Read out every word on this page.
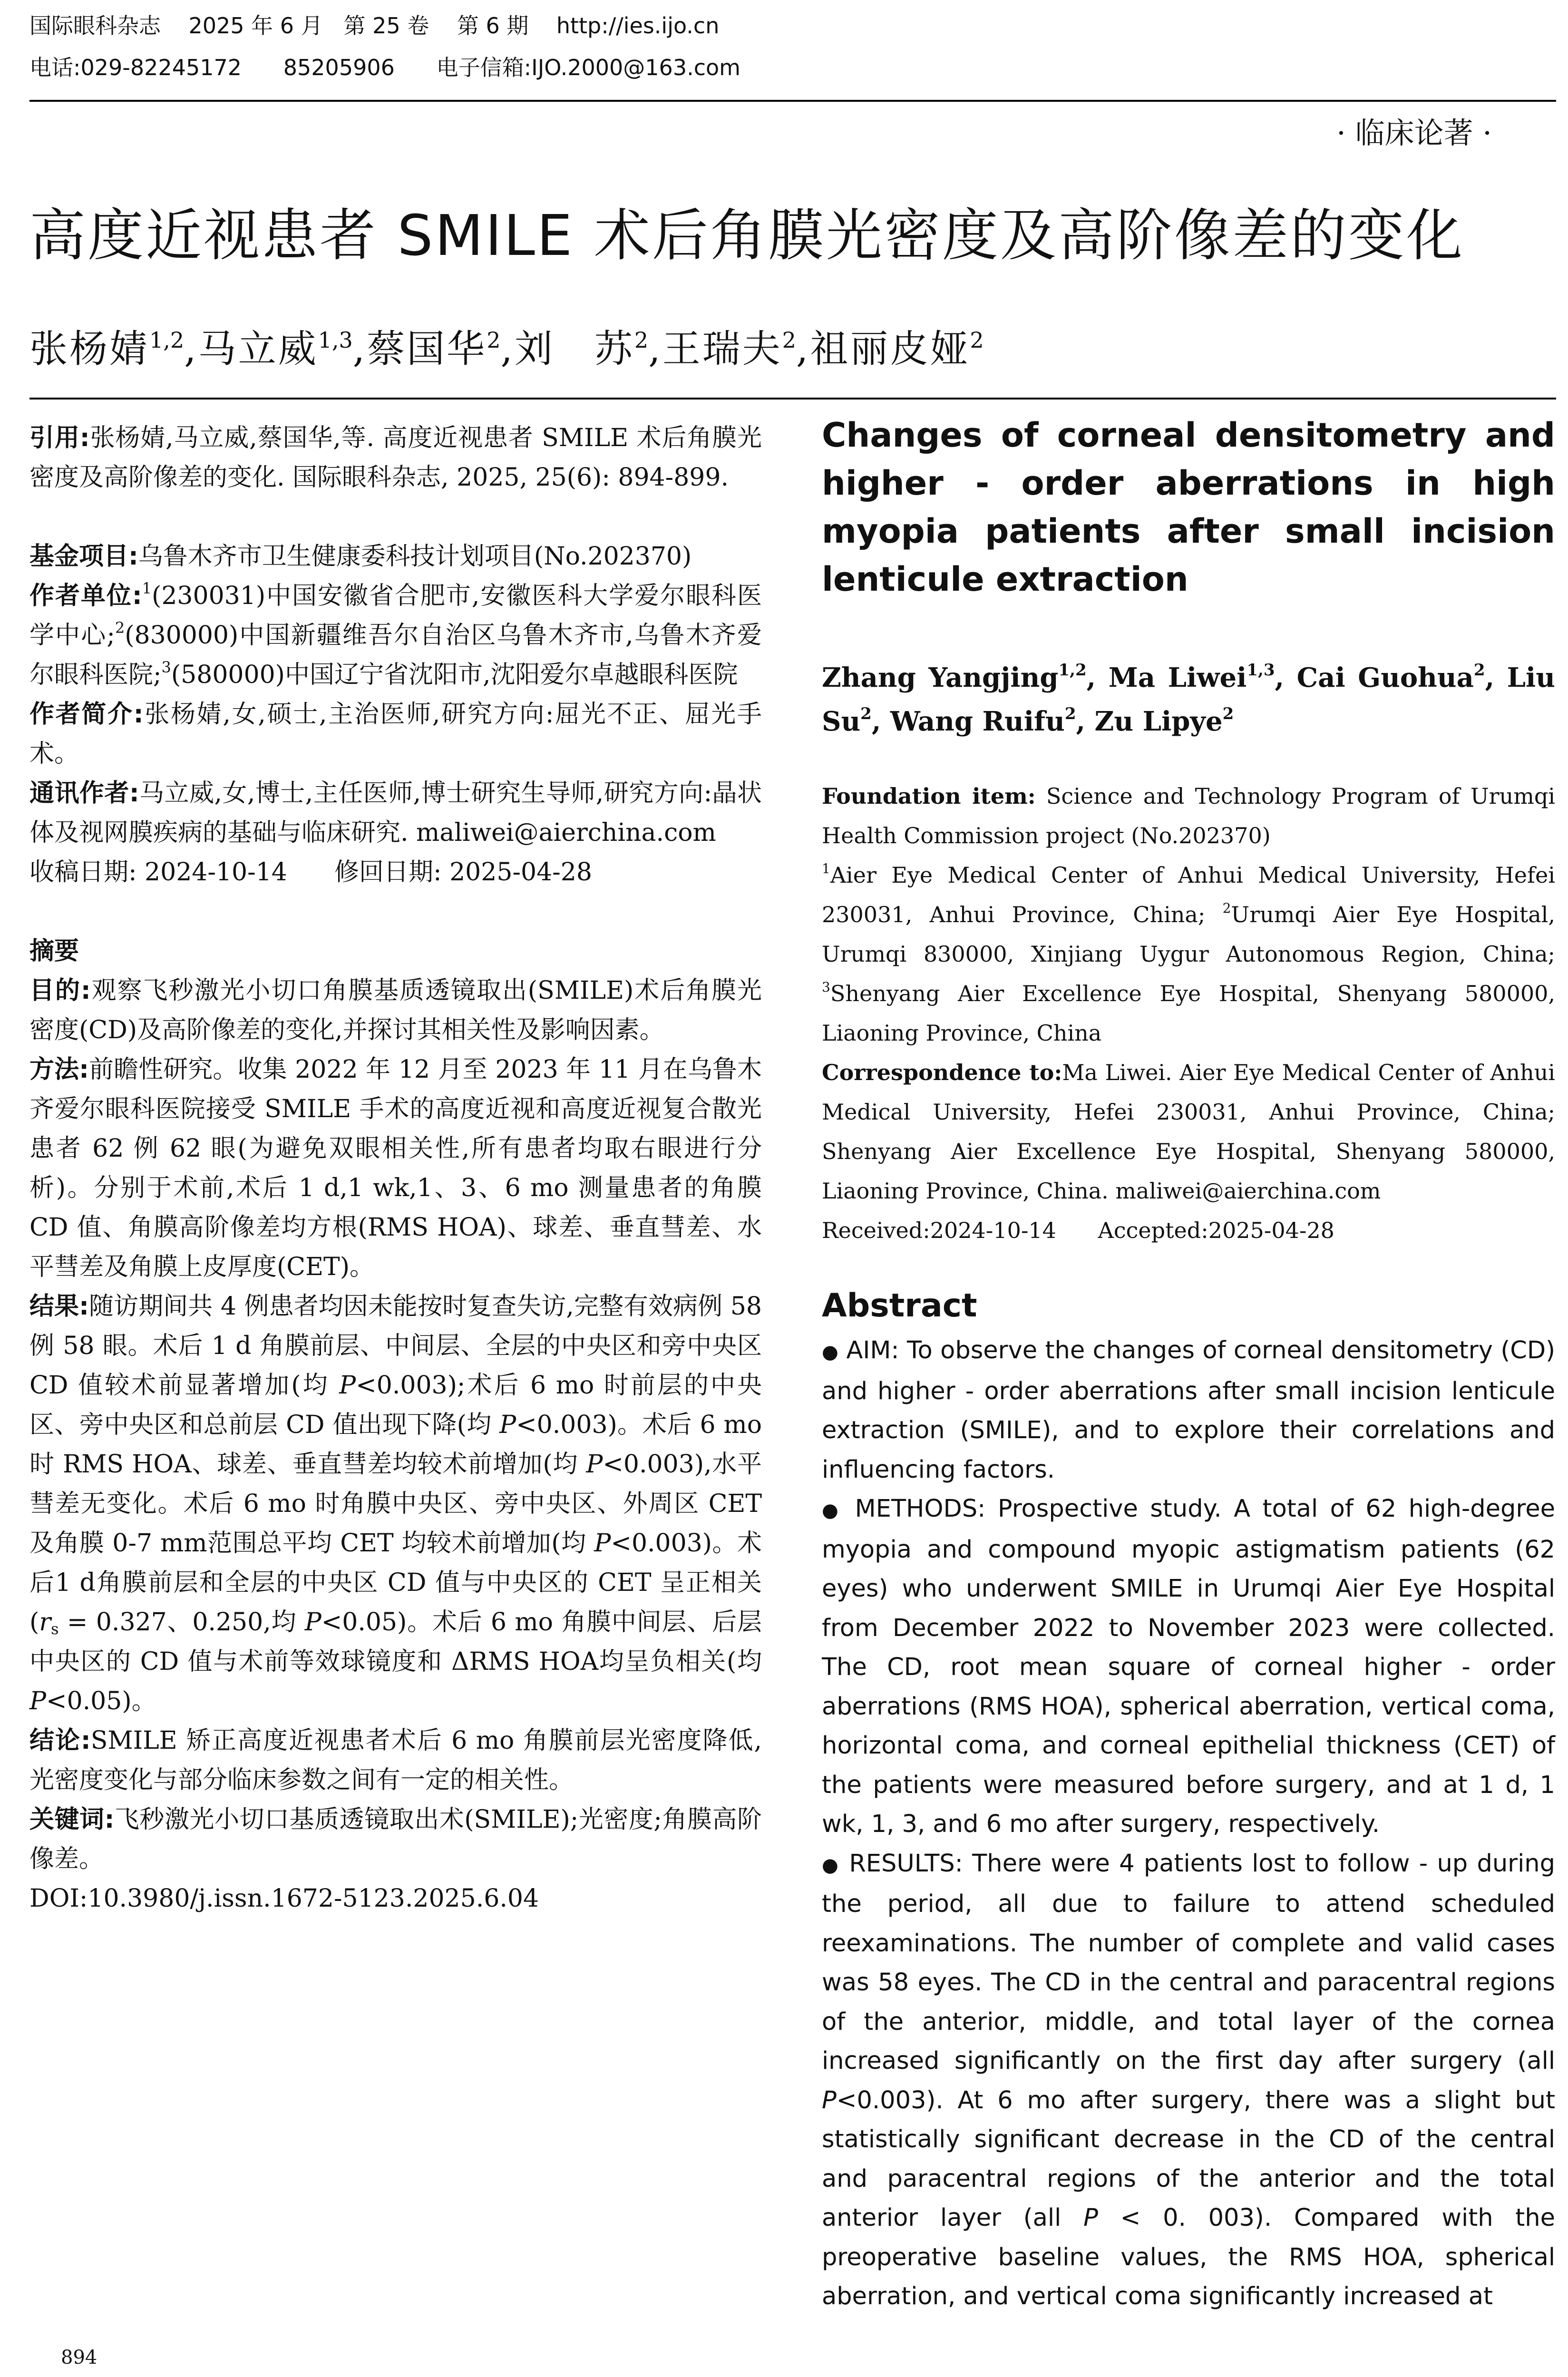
国际眼科杂志    2025 年 6 月   第 25 卷    第 6 期    http://ies.ijo.cn
电话:029-82245172      85205906      电子信箱:IJO.2000@163.com
· 临床论著 ·
高度近视患者 SMILE 术后角膜光密度及高阶像差的变化
张杨婧$^{1,2}$,马立威$^{1,3}$,蔡国华$^2$,刘　苏$^2$,王瑞夫$^2$,祖丽皮娅$^2$

引用:张杨婧,马立威,蔡国华,等. 高度近视患者 SMILE 术后角膜光密度及高阶像差的变化. 国际眼科杂志, 2025, 25(6): 894-899.

基金项目:乌鲁木齐市卫生健康委科技计划项目(No.202370)

作者单位:$^1$(230031)中国安徽省合肥市,安徽医科大学爱尔眼科医学中心;$^2$(830000)中国新疆维吾尔自治区乌鲁木齐市,乌鲁木齐爱尔眼科医院;$^3$(580000)中国辽宁省沈阳市,沈阳爱尔卓越眼科医院

作者简介:张杨婧,女,硕士,主治医师,研究方向:屈光不正、屈光手术。

通讯作者:马立威,女,博士,主任医师,博士研究生导师,研究方向:晶状体及视网膜疾病的基础与临床研究. maliwei@aierchina.com

收稿日期: 2024-10-14      修回日期: 2025-04-28

摘要

目的:观察飞秒激光小切口角膜基质透镜取出(SMILE)术后角膜光密度(CD)及高阶像差的变化,并探讨其相关性及影响因素。

方法:前瞻性研究。收集 2022 年 12 月至 2023 年 11 月在乌鲁木齐爱尔眼科医院接受 SMILE 手术的高度近视和高度近视复合散光患者 62 例 62 眼(为避免双眼相关性,所有患者均取右眼进行分析)。分别于术前,术后 1 d,1 wk,1、3、6 mo 测量患者的角膜 CD 值、角膜高阶像差均方根(RMS HOA)、球差、垂直彗差、水平彗差及角膜上皮厚度(CET)。

结果:随访期间共 4 例患者均因未能按时复查失访,完整有效病例 58 例 58 眼。术后 1 d 角膜前层、中间层、全层的中央区和旁中央区 CD 值较术前显著增加(均 P<0.003);术后 6 mo 时前层的中央区、旁中央区和总前层 CD 值出现下降(均 P<0.003)。术后 6 mo 时 RMS HOA、球差、垂直彗差均较术前增加(均 P<0.003),水平彗差无变化。术后 6 mo 时角膜中央区、旁中央区、外周区 CET 及角膜 0-7 mm范围总平均 CET 均较术前增加(均 P<0.003)。术后1 d角膜前层和全层的中央区 CD 值与中央区的 CET 呈正相关($r_s = 0.327$、0.250,均 P<0.05)。术后 6 mo 角膜中间层、后层中央区的 CD 值与术前等效球镜度和 ΔRMS HOA均呈负相关(均 P<0.05)。

结论:SMILE 矫正高度近视患者术后 6 mo 角膜前层光密度降低,光密度变化与部分临床参数之间有一定的相关性。

关键词:飞秒激光小切口基质透镜取出术(SMILE);光密度;角膜高阶像差。

DOI:10.3980/j.issn.1672-5123.2025.6.04

Changes of corneal densitometry and higher - order aberrations in high myopia patients after small incision lenticule extraction

Zhang Yangjing$^{1,2}$, Ma Liwei$^{1,3}$, Cai Guohua$^2$, Liu Su$^2$, Wang Ruifu$^2$, Zu Lipye$^2$

Foundation item: Science and Technology Program of Urumqi Health Commission project (No.202370)

$^1$Aier Eye Medical Center of Anhui Medical University, Hefei 230031, Anhui Province, China; $^2$Urumqi Aier Eye Hospital, Urumqi 830000, Xinjiang Uygur Autonomous Region, China; $^3$Shenyang Aier Excellence Eye Hospital, Shenyang 580000, Liaoning Province, China

Correspondence to:Ma Liwei. Aier Eye Medical Center of Anhui Medical University, Hefei 230031, Anhui Province, China; Shenyang Aier Excellence Eye Hospital, Shenyang 580000, Liaoning Province, China. maliwei@aierchina.com

Received:2024-10-14      Accepted:2025-04-28

Abstract

● AIM: To observe the changes of corneal densitometry (CD) and higher - order aberrations after small incision lenticule extraction (SMILE), and to explore their correlations and influencing factors.

● METHODS: Prospective study. A total of 62 high-degree myopia and compound myopic astigmatism patients (62 eyes) who underwent SMILE in Urumqi Aier Eye Hospital from December 2022 to November 2023 were collected. The CD, root mean square of corneal higher - order aberrations (RMS HOA), spherical aberration, vertical coma, horizontal coma, and corneal epithelial thickness (CET) of the patients were measured before surgery, and at 1 d, 1 wk, 1, 3, and 6 mo after surgery, respectively.

● RESULTS: There were 4 patients lost to follow - up during the period, all due to failure to attend scheduled reexaminations. The number of complete and valid cases was 58 eyes. The CD in the central and paracentral regions of the anterior, middle, and total layer of the cornea increased significantly on the first day after surgery (all P<0.003). At 6 mo after surgery, there was a slight but statistically significant decrease in the CD of the central and paracentral regions of the anterior and the total anterior layer (all P < 0. 003). Compared with the preoperative baseline values, the RMS HOA, spherical aberration, and vertical coma significantly increased at

894
